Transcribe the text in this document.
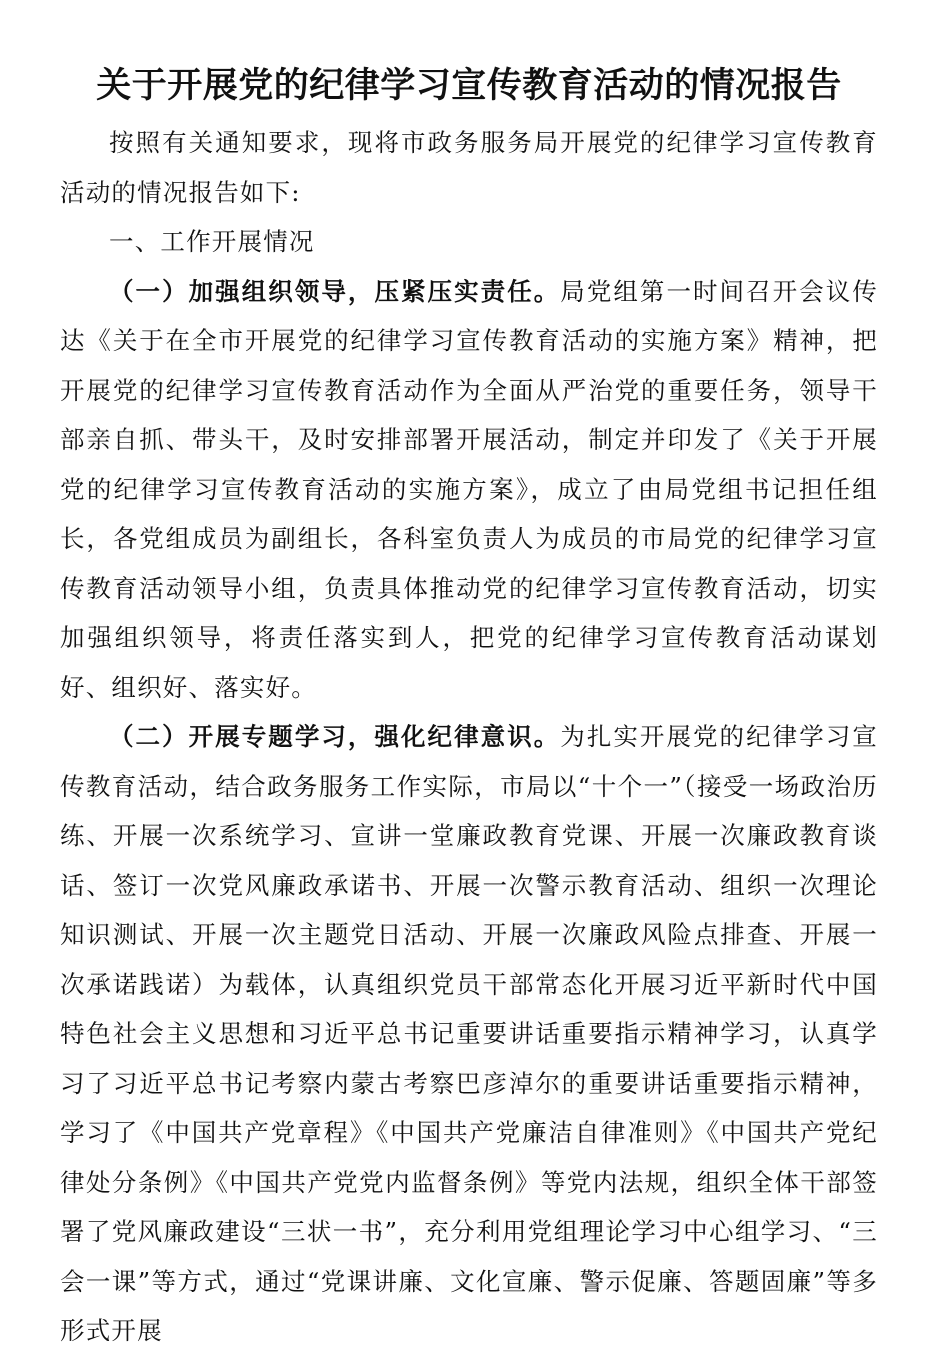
关于开展党的纪律学习宣传教育活动的情况报告

按照有关通知要求，现将市政务服务局开展党的纪律学习宣传教育活动的情况报告如下:

一、工作开展情况

（一）加强组织领导，压紧压实责任。局党组第一时间召开会议传达《关于在全市开展党的纪律学习宣传教育活动的实施方案》精神，把开展党的纪律学习宣传教育活动作为全面从严治党的重要任务，领导干部亲自抓、带头干，及时安排部署开展活动，制定并印发了《关于开展党的纪律学习宣传教育活动的实施方案》，成立了由局党组书记担任组长，各党组成员为副组长，各科室负责人为成员的市局党的纪律学习宣传教育活动领导小组，负责具体推动党的纪律学习宣传教育活动，切实加强组织领导，将责任落实到人，把党的纪律学习宣传教育活动谋划好、组织好、落实好。

（二）开展专题学习，强化纪律意识。为扎实开展党的纪律学习宣传教育活动，结合政务服务工作实际，市局以“十个一”（接受一场政治历练、开展一次系统学习、宣讲一堂廉政教育党课、开展一次廉政教育谈话、签订一次党风廉政承诺书、开展一次警示教育活动、组织一次理论知识测试、开展一次主题党日活动、开展一次廉政风险点排查、开展一次承诺践诺）为载体，认真组织党员干部常态化开展习近平新时代中国特色社会主义思想和习近平总书记重要讲话重要指示精神学习，认真学习了习近平总书记考察内蒙古考察巴彦淖尔的重要讲话重要指示精神，学习了《中国共产党章程》《中国共产党廉洁自律准则》《中国共产党纪律处分条例》《中国共产党党内监督条例》等党内法规，组织全体干部签署了党风廉政建设“三状一书”，充分利用党组理论学习中心组学习、“三会一课”等方式，通过“党课讲廉、文化宣廉、警示促廉、答题固廉”等多形式开展
